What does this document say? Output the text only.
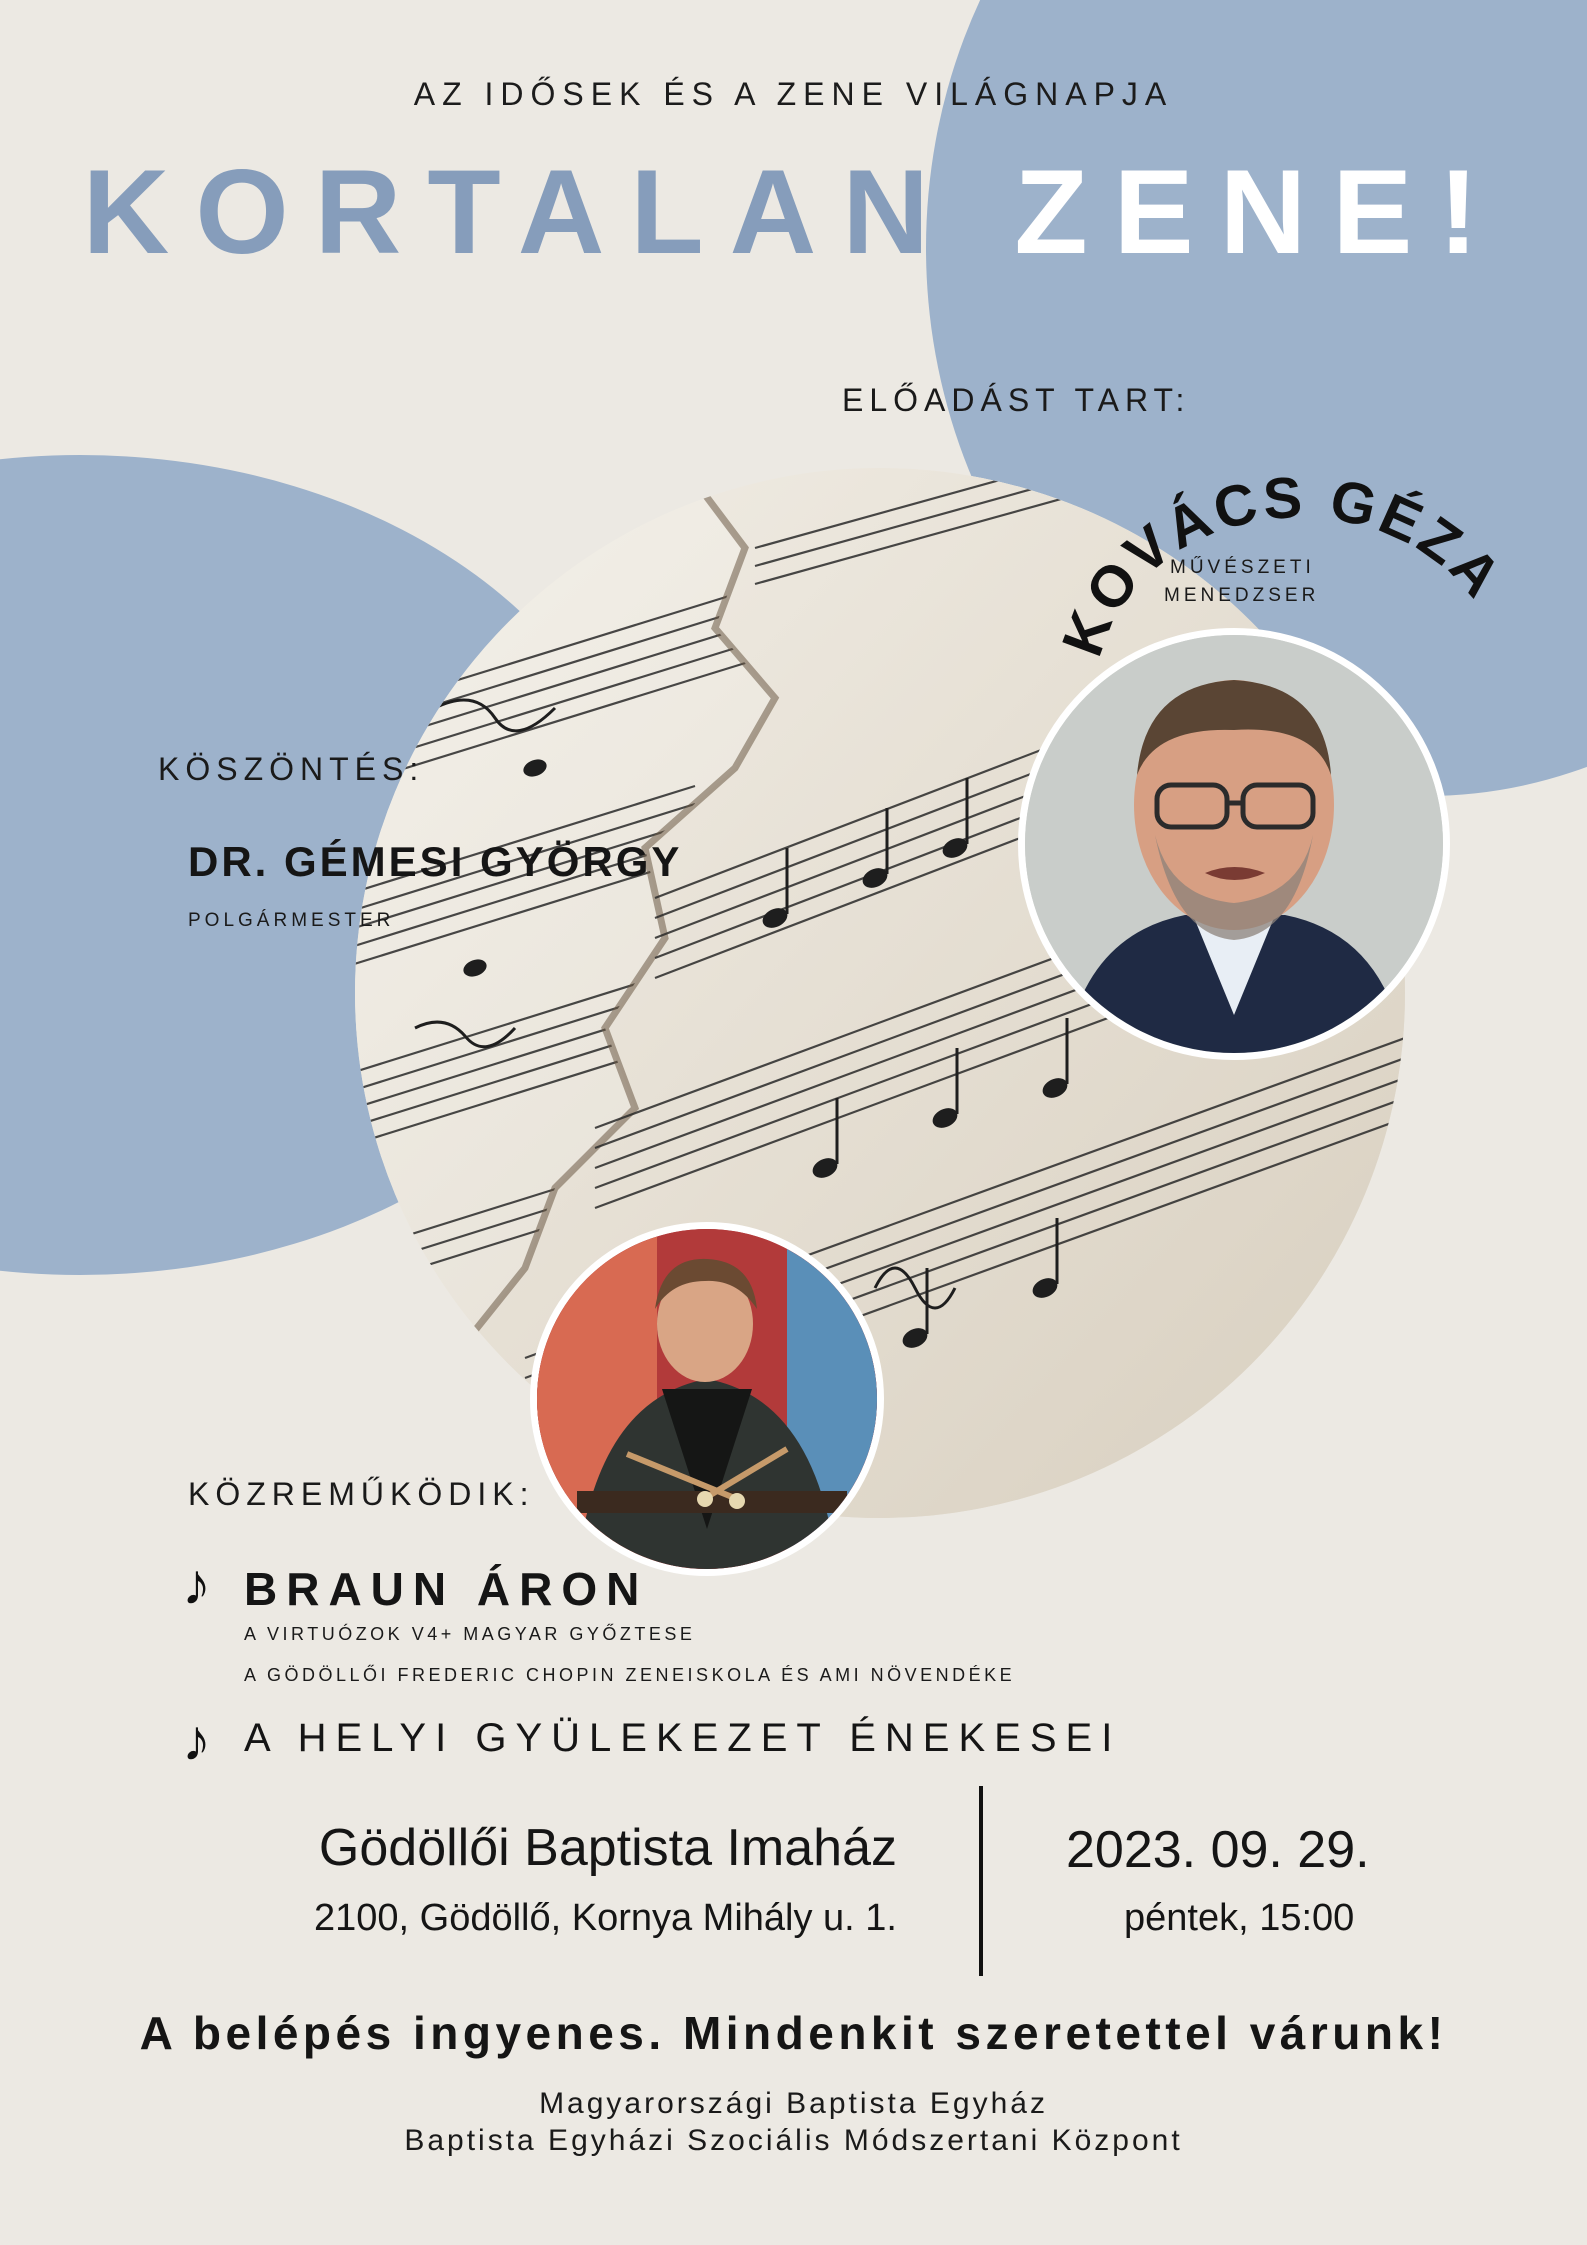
AZ IDŐSEK ÉS A ZENE VILÁGNAPJA
KORTALAN ZENE!
ELŐADÁST TART:
KOVÁCS GÉZA
MŰVÉSZETI
MENEDZSER
KÖSZÖNTÉS:
DR. GÉMESI GYÖRGY
POLGÁRMESTER
KÖZREMŰKÖDIK:
♪ BRAUN ÁRON
A VIRTUÓZOK V4+ MAGYAR GYŐZTESE
A GÖDÖLLŐI FREDERIC CHOPIN ZENEISKOLA ÉS AMI NÖVENDÉKE
♪ A HELYI GYÜLEKEZET ÉNEKESEI
Gödöllői Baptista Imaház
2100, Gödöllő, Kornya Mihály u. 1.
2023. 09. 29.
péntek, 15:00
A belépés ingyenes. Mindenkit szeretettel várunk!
Magyarországi Baptista Egyház
Baptista Egyházi Szociális Módszertani Központ
